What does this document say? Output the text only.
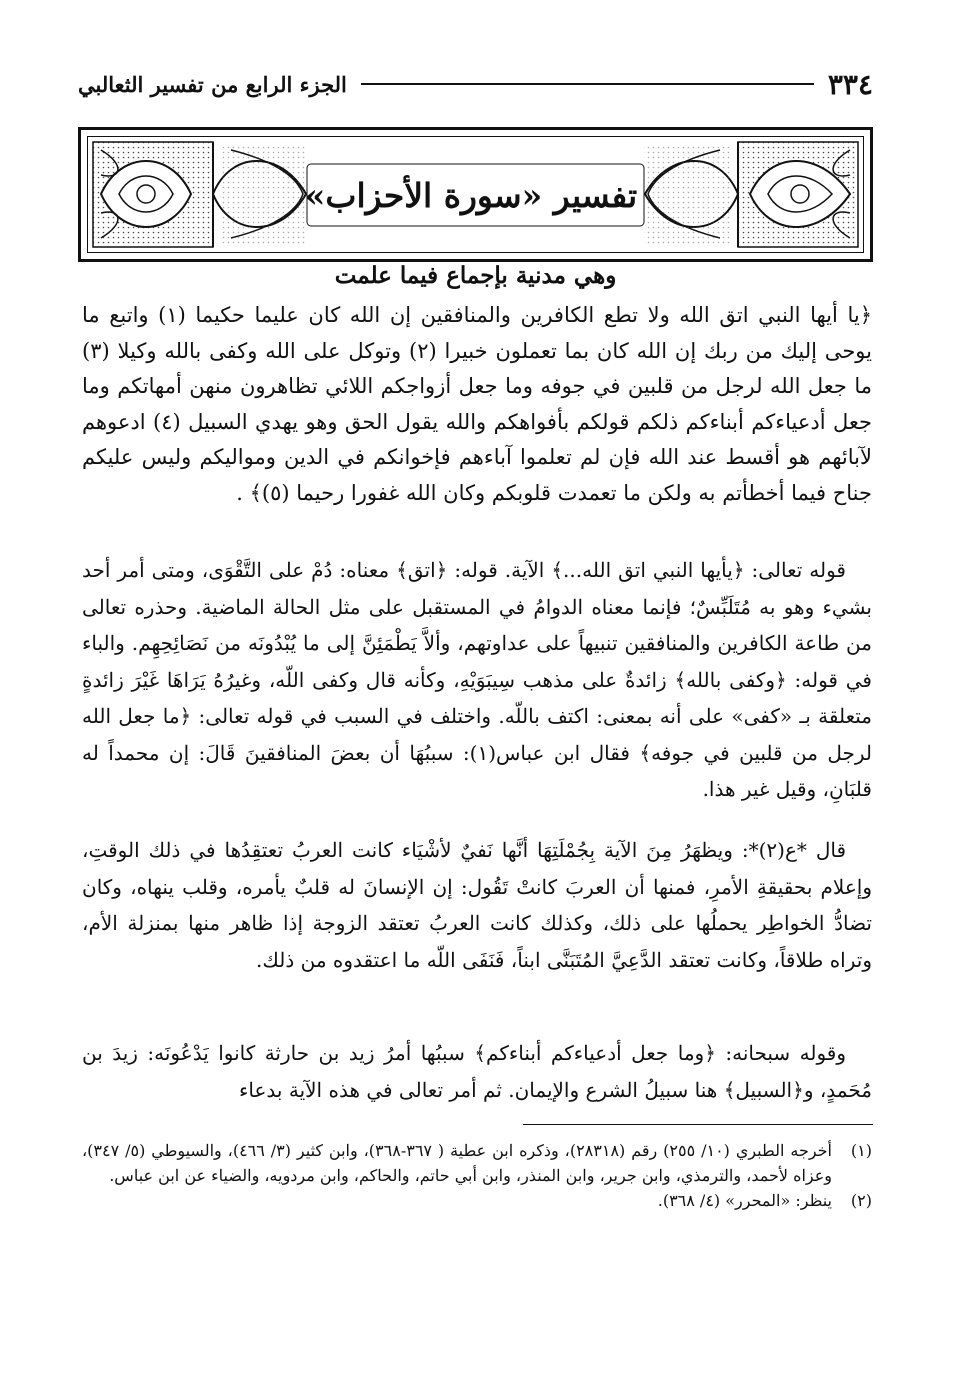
٣٣٤
الجزء الرابع من تفسير الثعالبي
تفسير «سورة الأحزاب»
وهي مدنية بإجماع فيما علمت
﴿يا أيها النبي اتق الله ولا تطع الكافرين والمنافقين إن الله كان عليما حكيما (١) واتبع ما يوحى إليك من ربك إن الله كان بما تعملون خبيرا (٢) وتوكل على الله وكفى بالله وكيلا (٣) ما جعل الله لرجل من قلبين في جوفه وما جعل أزواجكم اللائي تظاهرون منهن أمهاتكم وما جعل أدعياءكم أبناءكم ذلكم قولكم بأفواهكم والله يقول الحق وهو يهدي السبيل (٤) ادعوهم لآبائهم هو أقسط عند الله فإن لم تعلموا آباءهم فإخوانكم في الدين ومواليكم وليس عليكم جناح فيما أخطأتم به ولكن ما تعمدت قلوبكم وكان الله غفورا رحيما (٥)﴾ .

قوله تعالى: ﴿يأيها النبي اتق الله...﴾ الآية. قوله: ﴿اتق﴾ معناه: دُمْ على التَّقْوَى، ومتى أمر أحد بشيء وهو به مُتَلَبِّسٌ؛ فإنما معناه الدوامُ في المستقبل على مثل الحالة الماضية. وحذره تعالى من طاعة الكافرين والمنافقين تنبيهاً على عداوتهم، وألاَّ يَطْمَئِنَّ إلى ما يُبْدُونَه من نَصَائِحِهِم. والباء في قوله: ﴿وكفى بالله﴾ زائدةٌ على مذهب سِيبَوَيْهِ، وكأنه قال وكفى اللّه، وغيرُهُ يَرَاهَا غَيْرَ زائدةٍ متعلقة بـ «كفى» على أنه بمعنى: اكتف باللّه. واختلف في السبب في قوله تعالى: ﴿ما جعل الله لرجل من قلبين في جوفه﴾ فقال ابن عباس(١): سببُهَا أن بعضَ المنافقينَ قَالَ: إن محمداً له قلبَانِ، وقيل غير هذا.

قال *ع(٢)*: ويظهَرُ مِنَ الآية بِجُمْلَتِهَا أنَّها نَفيٌ لأشْيَاء كانت العربُ تعتقِدُها في ذلك الوقتِ، وإعلام بحقيقةِ الأمرِ، فمنها أن العربَ كانتْ تَقُول: إن الإنسانَ له قلبٌ يأمره، وقلب ينهاه، وكان تضادُّ الخواطِر يحملُها على ذلك، وكذلك كانت العربُ تعتقد الزوجة إذا ظاهر منها بمنزلة الأم، وتراه طلاقاً، وكانت تعتقد الدَّعِيَّ المُتَبَنَّى ابناً، فَنَفَى اللّه ما اعتقدوه من ذلك.

وقوله سبحانه: ﴿وما جعل أدعياءكم أبناءكم﴾ سببُها أمرُ زيد بن حارثة كانوا يَدْعُونَه: زيدَ بن مُحَمدٍ، و﴿السبيل﴾ هنا سبيلُ الشرع والإيمان. ثم أمر تعالى في هذه الآية بدعاء

(١)
أخرجه الطبري (١٠/ ٢٥٥) رقم (٢٨٣١٨)، وذكره ابن عطية ( ٣٦٧-٣٦٨)، وابن كثير (٣/ ٤٦٦)، والسيوطي (٥/ ٣٤٧)، وعزاه لأحمد، والترمذي، وابن جرير، وابن المنذر، وابن أبي حاتم، والحاكم، وابن مردويه، والضياء عن ابن عباس.
(٢)
ينظر: «المحرر» (٤/ ٣٦٨).
